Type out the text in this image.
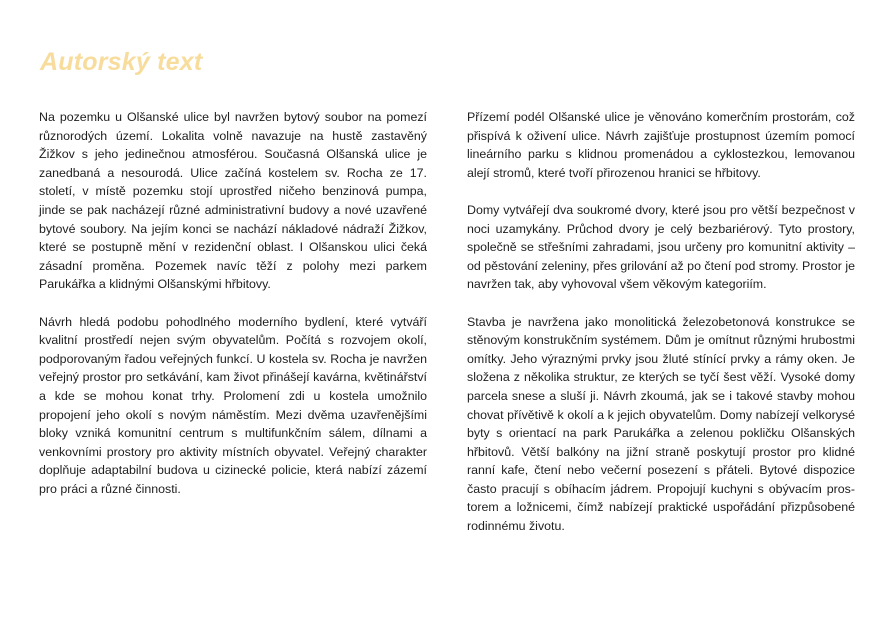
Autorský text

Na pozemku u Olšanské ulice byl navržen bytový soubor na pomezí různorodých území. Lokalita volně navazuje na hustě zastavěný Žižkov s jeho jedinečnou atmosférou. Současná Olšanská ulice je zanedbaná a nesourodá. Ulice začíná kostelem sv. Rocha ze 17. století, v místě pozemku stojí uprostřed ničeho benzinová pumpa, jinde se pak nacházejí různé administrativní budovy a nové uzavřené bytové soubory. Na jejím konci se nachází nákladové nádraží Žižkov, které se postupně mění v rezidenční oblast. I Olšanskou ulici čeká zásadní proměna. Pozemek navíc těží z polohy mezi parkem Parukářka a klidnými Olšanskými hřbitovy.

Návrh hledá podobu pohodlného moderního bydlení, které vytváří kvalitní prostředí nejen svým obyvatelům. Počítá s rozvojem okolí, podporovaným řadou veřejných funkcí. U kostela sv. Rocha je navržen veřejný prostor pro setkávání, kam život přinášejí kavárna, květinářství a kde se mohou konat trhy. Prolomení zdi u kostela umožnilo propojení jeho okolí s novým náměstím. Mezi dvěma uzavřenějšími bloky vzniká komunitní centrum s multifunkčním sálem, dílnami a venkovními prostory pro aktivity místních obyvatel. Veřejný charakter doplňuje adaptabilní budova u cizinecké policie, která nabízí zázemí pro práci a různé činnosti.

Přízemí podél Olšanské ulice je věnováno komerčním prostorám, což přispívá k oživení ulice. Návrh zajišťuje prostupnost územím pomocí lineárního parku s klidnou promenádou a cyklostezkou, lemovanou alejí stromů, které tvoří přirozenou hranici se hřbitovy.

Domy vytvářejí dva soukromé dvory, které jsou pro větší bezpečnost v noci uzamykány. Průchod dvory je celý bezbariérový. Tyto prostory, společně se střešními zahradami, jsou určeny pro komunitní aktivity – od pěstování zeleniny, přes grilování až po čtení pod stromy. Prostor je navržen tak, aby vyhovoval všem věkovým kategoriím.

Stavba je navržena jako monolitická železobetonová konstrukce se stěnovým konstrukčním systémem. Dům je omítnut různými hrubostmi omítky. Jeho výraznými prvky jsou žluté stínící prvky a rámy oken. Je složena z několika struktur, ze kterých se tyčí šest věží. Vysoké domy parcela snese a sluší ji. Návrh zkoumá, jak se i takové stavby mohou chovat přívětivě k okolí a k jejich obyvatelům. Domy nabízejí velkorysé byty s orientací na park Parukářka a zelenou pokličku Olšanských hřbitovů. Větší balkóny na jižní straně poskytují prostor pro klidné ranní kafe, čtení nebo večerní posezení s přáteli. Bytové dispozice často pracují s obíhacím jádrem. Propojují kuchyni s obývacím prostorem a ložnicemi, čímž nabízejí praktické uspořádání přizpůsobené rodinnému životu.
